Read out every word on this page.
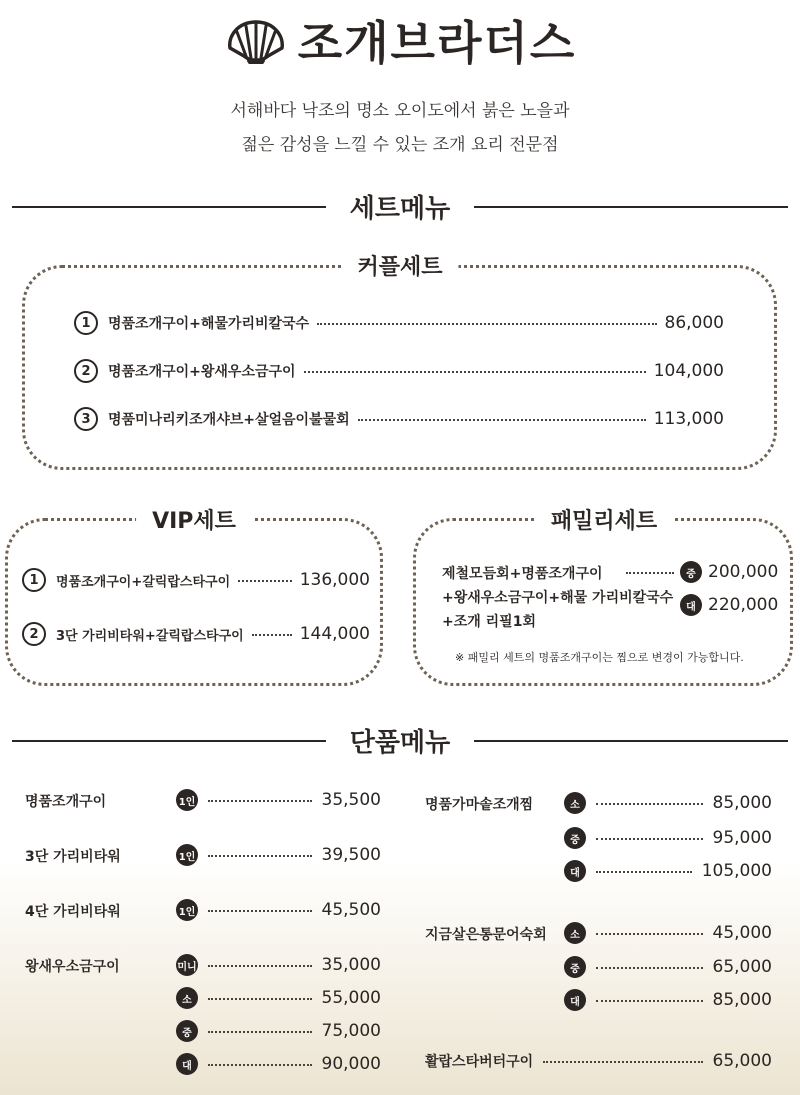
조개브라더스
서해바다 낙조의 명소 오이도에서 붉은 노을과
젊은 감성을 느낄 수 있는 조개 요리 전문점
세트메뉴
커플세트
1	명품조개구이+해물가리비칼국수	86,000
2	명품조개구이+왕새우소금구이	104,000
3	명품미나리키조개샤브+살얼음이불물회	113,000
VIP세트
1	명품조개구이+갈릭랍스타구이	136,000
2	3단 가리비타워+갈릭랍스타구이	144,000
패밀리세트
제철모듬회+명품조개구이
+왕새우소금구이+해물 가리비칼국수
+조개 리필1회
중 200,000
대 220,000
※ 패밀리 세트의 명품조개구이는 찜으로 변경이 가능합니다.
단품메뉴
명품조개구이	1인	35,500
3단 가리비타워	1인	39,500
4단 가리비타워	1인	45,500
왕새우소금구이	미니	35,000
소	55,000
중	75,000
대	90,000
명품가마솥조개찜	소	85,000
중	95,000
대	105,000
지금살은통문어숙회	소	45,000
중	65,000
대	85,000
활랍스타버터구이	65,000
